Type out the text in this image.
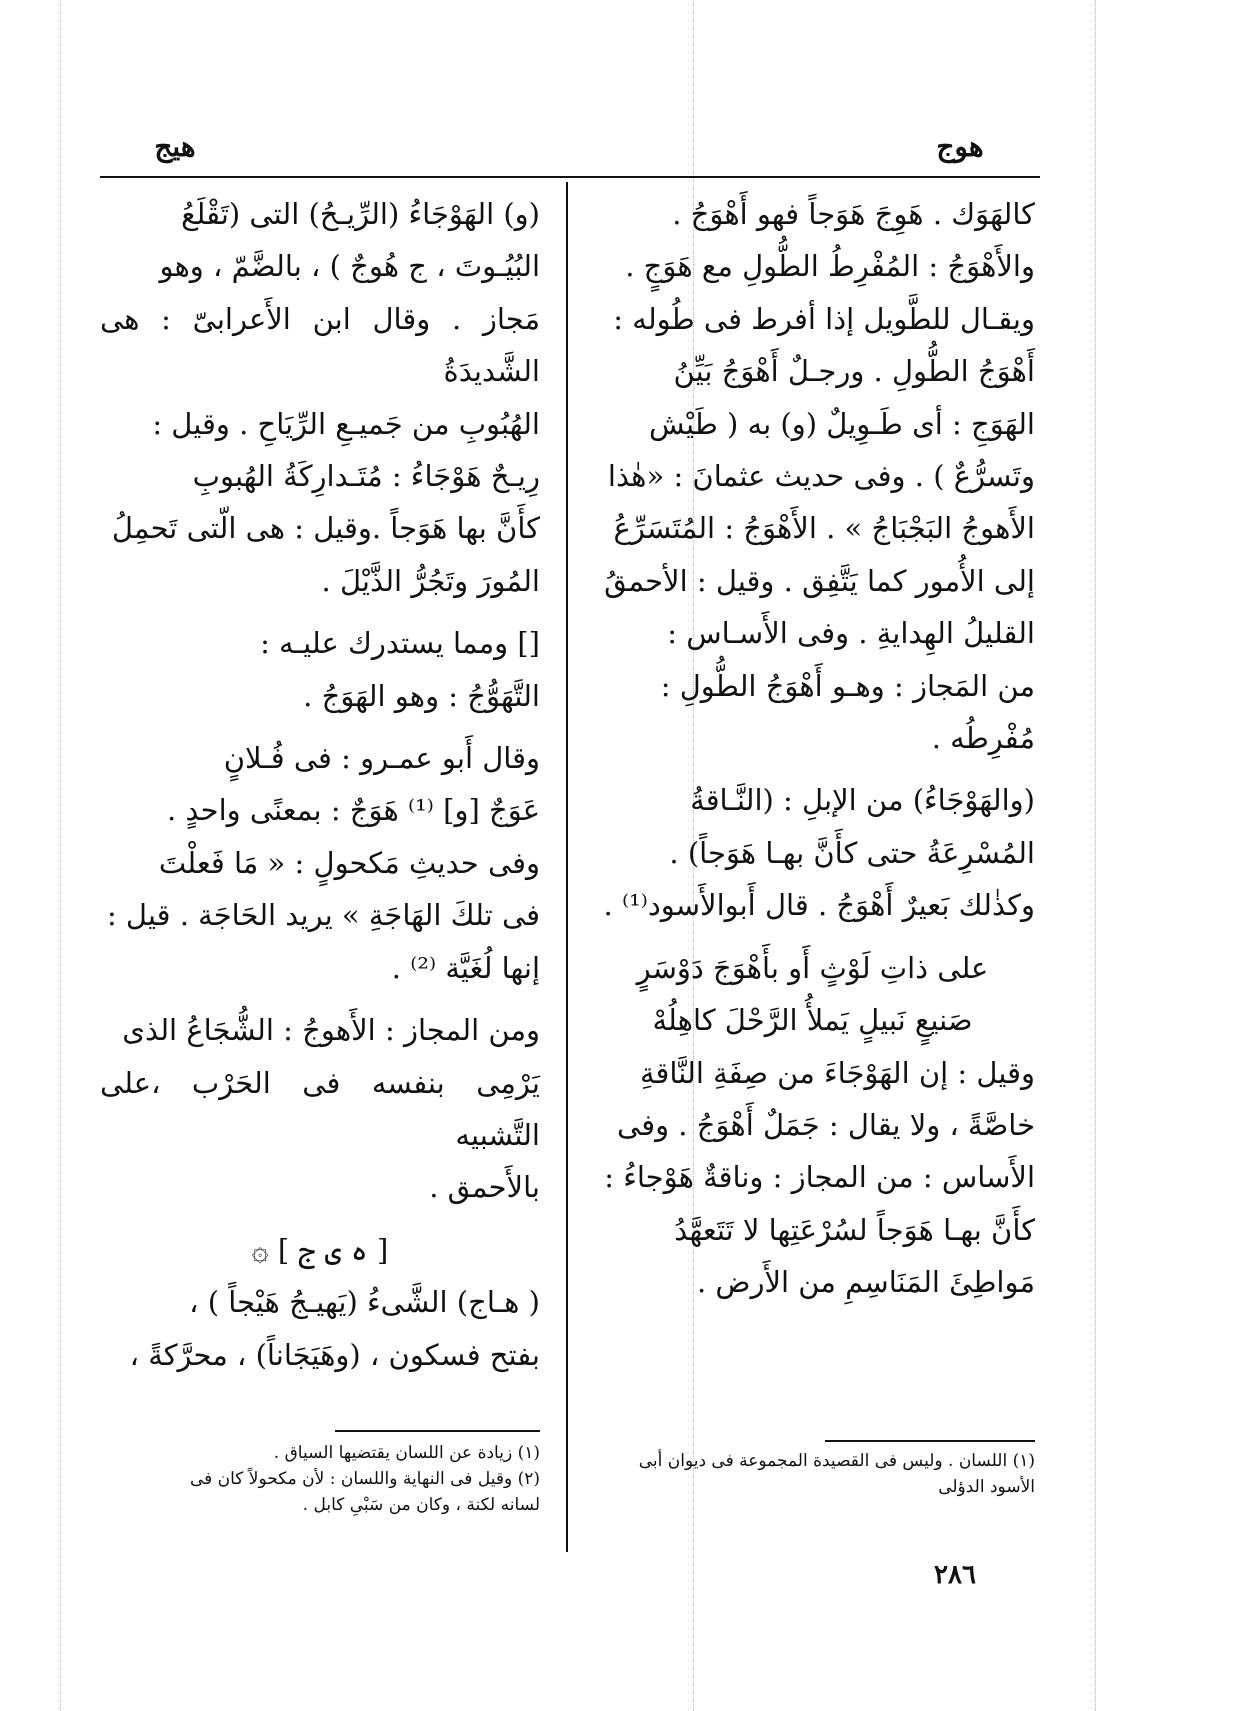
هوج
هيج

كالهَوَك . هَوِجَ هَوَجاً فهو أَهْوَجُ .

والأَهْوَجُ : المُفْرِطُ الطُّولِ مع هَوَجٍ .

ويقـال للطَّويل إذا أفرط فى طُوله :

أَهْوَجُ الطُّولِ . ورجـلٌ أَهْوَجُ بَيِّنُ

الهَوَجِ : أى طَـوِيلٌ (و) به ( طَيْش

وتَسرُّعٌ ) . وفى حديث عثمانَ : «هٰذا

الأَهوجُ البَجْبَاجُ » . الأَهْوَجُ : المُتَسَرِّعُ

إلى الأُمور كما يَتَّفِق . وقيل : الأحمقُ

القليلُ الهِدايةِ . وفى الأَسـاس :

من المَجاز : وهـو أَهْوَجُ الطُّولِ :

مُفْرِطُه .

(والهَوْجَاءُ) من الإبلِ : (النَّـاقةُ

المُسْرِعَةُ حتى كأَنَّ بهـا هَوَجاً) .

وكذٰلك بَعيرٌ أَهْوَجُ . قال أَبوالأَسود⁽¹⁾ .

على ذاتِ لَوْثٍ أَو بأَهْوَجَ دَوْسَرٍ

صَنيعٍ نَبيلٍ يَملأُ الرَّحْلَ كاهِلُهْ

وقيل : إن الهَوْجَاءَ من صِفَةِ النَّاقةِ

خاصَّةً ، ولا يقال : جَمَلٌ أَهْوَجُ . وفى

الأَساس : من المجاز : وناقةٌ هَوْجاءُ :

كأَنَّ بهـا هَوَجاً لسُرْعَتِها لا تَتَعهَّدُ

مَواطِئَ المَنَاسِمِ من الأَرض .

(و) الهَوْجَاءُ (الرِّيـحُ) التى (تَقْلَعُ

البُيُـوتَ ، ج هُوجٌ ) ، بالضَّمّ ، وهو

مَجاز . وقال ابن الأَعرابىّ : هى الشَّديدَةُ

الهُبُوبِ من جَميـعِ الرِّيَاحِ . وقيل :

رِيـحٌ هَوْجَاءُ : مُتَـدارِكَةُ الهُبوبِ

كأَنَّ بها هَوَجاً .وقيل : هى الّتى تَحمِلُ

المُورَ وتَجُرُّ الذَّيْلَ .

[] ومما يستدرك عليـه :

التَّهَوُّجُ : وهو الهَوَجُ .

وقال أَبو عمـرو : فى فُـلانٍ

عَوَجٌ [و] ⁽¹⁾ هَوَجٌ : بمعنًى واحدٍ .

وفى حديثِ مَكحولٍ : « مَا فَعلْتَ

فى تلكَ الهَاجَةِ » يريد الحَاجَة . قيل :

إنها لُغَيَّة ⁽²⁾ .

ومن المجاز : الأَهوجُ : الشُّجَاعُ الذى

يَرْمِى بنفسه فى الحَرْب ،على التَّشبيه

بالأَحمق .

[ ه ى ج ] ۞

( هـاج) الشَّىءُ (يَهيـجُ هَيْجاً ) ،

بفتح فسكون ، (وهَيَجَاناً) ، محرَّكةً ،

(١) اللسان . وليس فى القصيدة المجموعة فى ديوان أبى الأسود الدؤلى

(١) زيادة عن اللسان يقتضيها السياق .

(٢) وقيل فى النهاية واللسان : لأن مكحولاً كان فى لسانه لكنة ، وكان من سَبْىِ كابل .

٢٨٦
